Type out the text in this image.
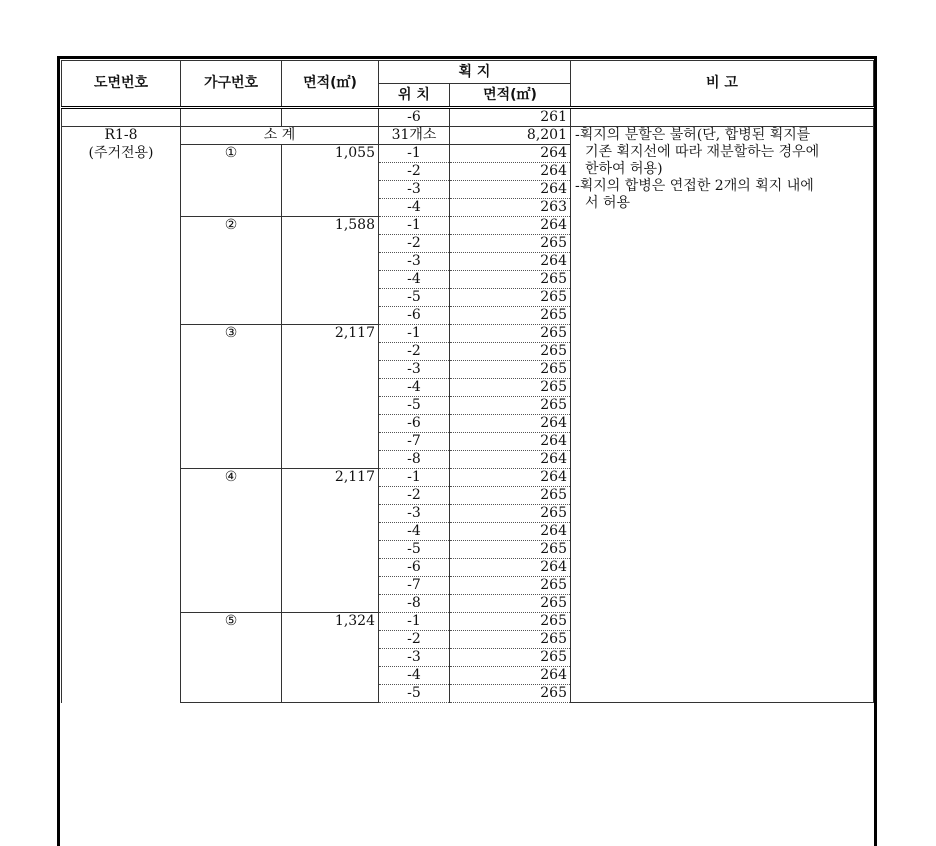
도면번호	가구번호	면적(㎡)	획 지		비 고
			위 치	면적(㎡)	
			-6	261	
R1-8	소 계		31개소	8,201	-획지의 분할은 불허(단, 합병된 획지를
기존 획지선에 따라 재분할하는 경우에
한하여 허용)
-획지의 합병은 연접한 2개의 획지 내에
서 허용

(주거전용)	①	1,055	-1	264	
			-2	264	
			-3	264	
			-4	263	
	②	1,588	-1	264	
			-2	265	
			-3	264	
			-4	265	
			-5	265	
			-6	265	
	③	2,117	-1	265	
			-2	265	
			-3	265	
			-4	265	
			-5	265	
			-6	264	
			-7	264	
			-8	264	
	④	2,117	-1	264	
			-2	265	
			-3	265	
			-4	264	
			-5	265	
			-6	264	
			-7	265	
			-8	265	
	⑤	1,324	-1	265	
			-2	265	
			-3	265	
			-4	264	
			-5	265	
